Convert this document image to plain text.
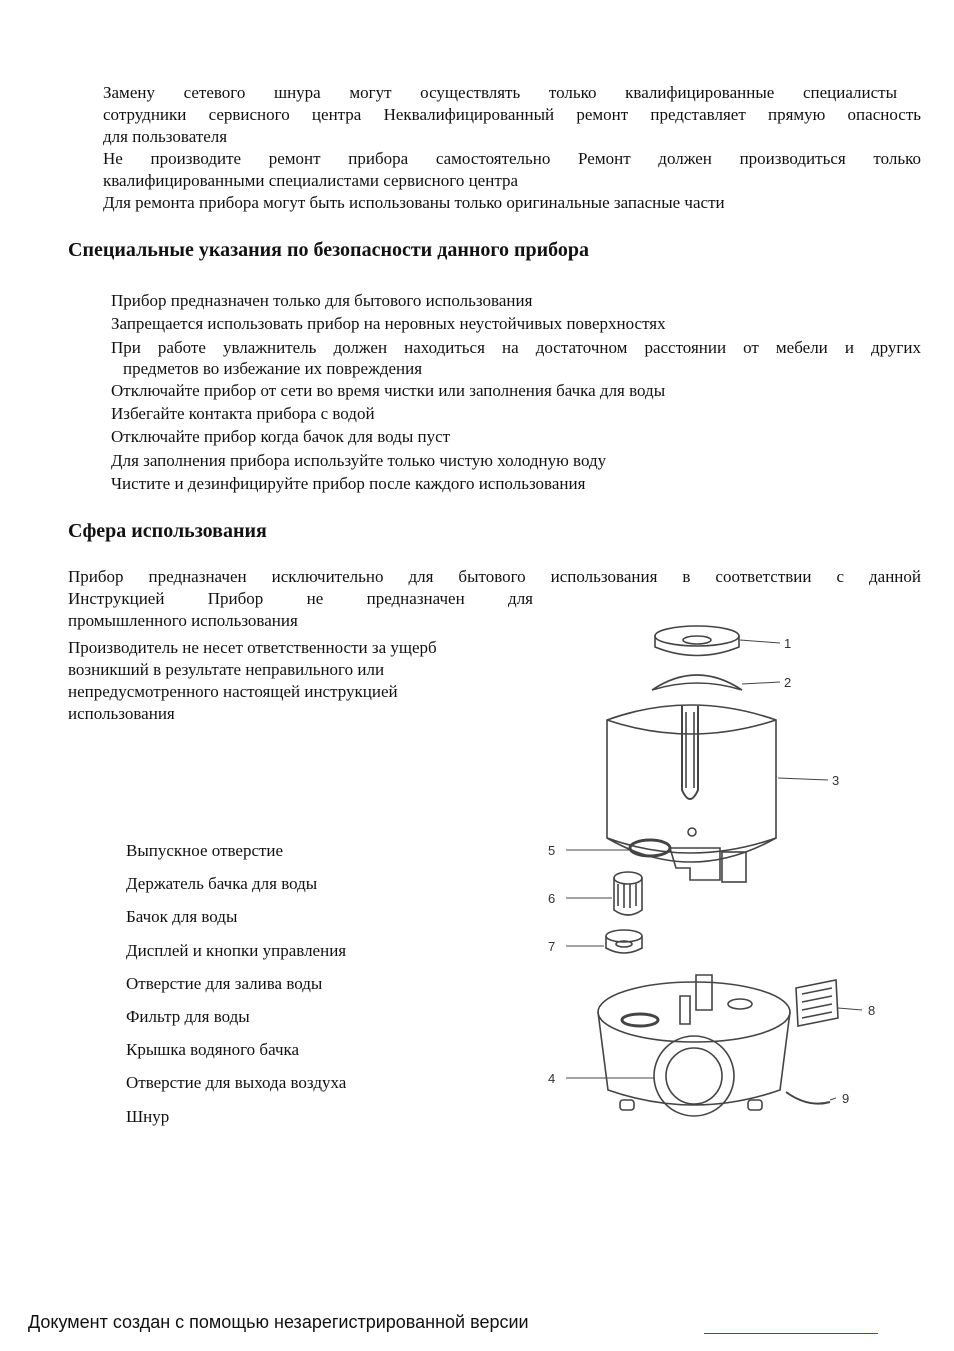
Замену сетевого шнура могут осуществлять только квалифицированные специалисты
сотрудники сервисного центра Неквалифицированный ремонт представляет прямую опасность
для пользователя
Не производите ремонт прибора самостоятельно Ремонт должен производиться только
квалифицированными специалистами сервисного центра
Для ремонта прибора могут быть использованы только оригинальные запасные части
Специальные указания по безопасности данного прибора
Прибор предназначен только для бытового использования
Запрещается использовать прибор на неровных неустойчивых поверхностях
При работе увлажнитель должен находиться на достаточном расстоянии от мебели и других
предметов во избежание их повреждения
Отключайте прибор от сети во время чистки или заполнения бачка для воды
Избегайте контакта прибора с водой
Отключайте прибор когда бачок для воды пуст
Для заполнения прибора используйте только чистую холодную воду
Чистите и дезинфицируйте прибор после каждого использования
Сфера использования
Прибор предназначен исключительно для бытового использования в соответствии с данной
Инструкцией Прибор не предназначен для
промышленного использования
Производитель не несет ответственности за ущерб
возникший в результате неправильного или
непредусмотренного настоящей инструкцией
использования
Выпускное отверстие
Держатель бачка для воды
Бачок для воды
Дисплей и кнопки управления
Отверстие для залива воды
Фильтр для воды
Крышка водяного бачка
Отверстие для выхода воздуха
Шнур
1
2
3
4
5
6
7
8
9
Документ создан с помощью незарегистрированной версии
